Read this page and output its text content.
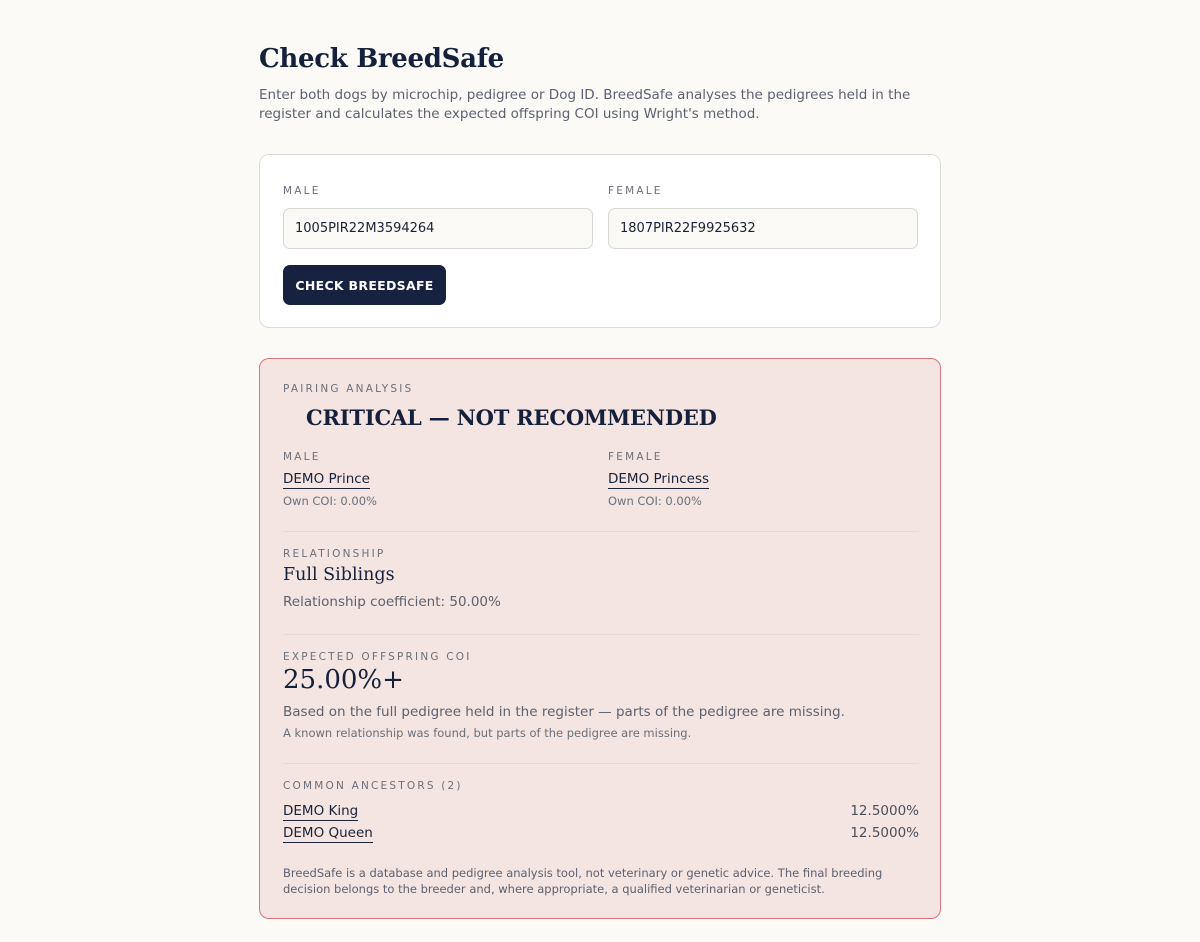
Check BreedSafe

Enter both dogs by microchip, pedigree or Dog ID. BreedSafe analyses the pedigrees held in the register and calculates the expected offspring COI using Wright's method.

MALE	FEMALE
1005PIR22M3594264
1807PIR22F9925632
CHECK BREEDSAFE
PAIRING ANALYSIS
CRITICAL — NOT RECOMMENDED
MALE
DEMO Prince
Own COI: 0.00%
FEMALE
DEMO Princess
Own COI: 0.00%
RELATIONSHIP
Full Siblings
Relationship coefficient: 50.00%
EXPECTED OFFSPRING COI
25.00%+
Based on the full pedigree held in the register — parts of the pedigree are missing.
A known relationship was found, but parts of the pedigree are missing.
COMMON ANCESTORS (2)
DEMO King	12.5000%
DEMO Queen	12.5000%
BreedSafe is a database and pedigree analysis tool, not veterinary or genetic advice. The final breeding decision belongs to the breeder and, where appropriate, a qualified veterinarian or geneticist.
